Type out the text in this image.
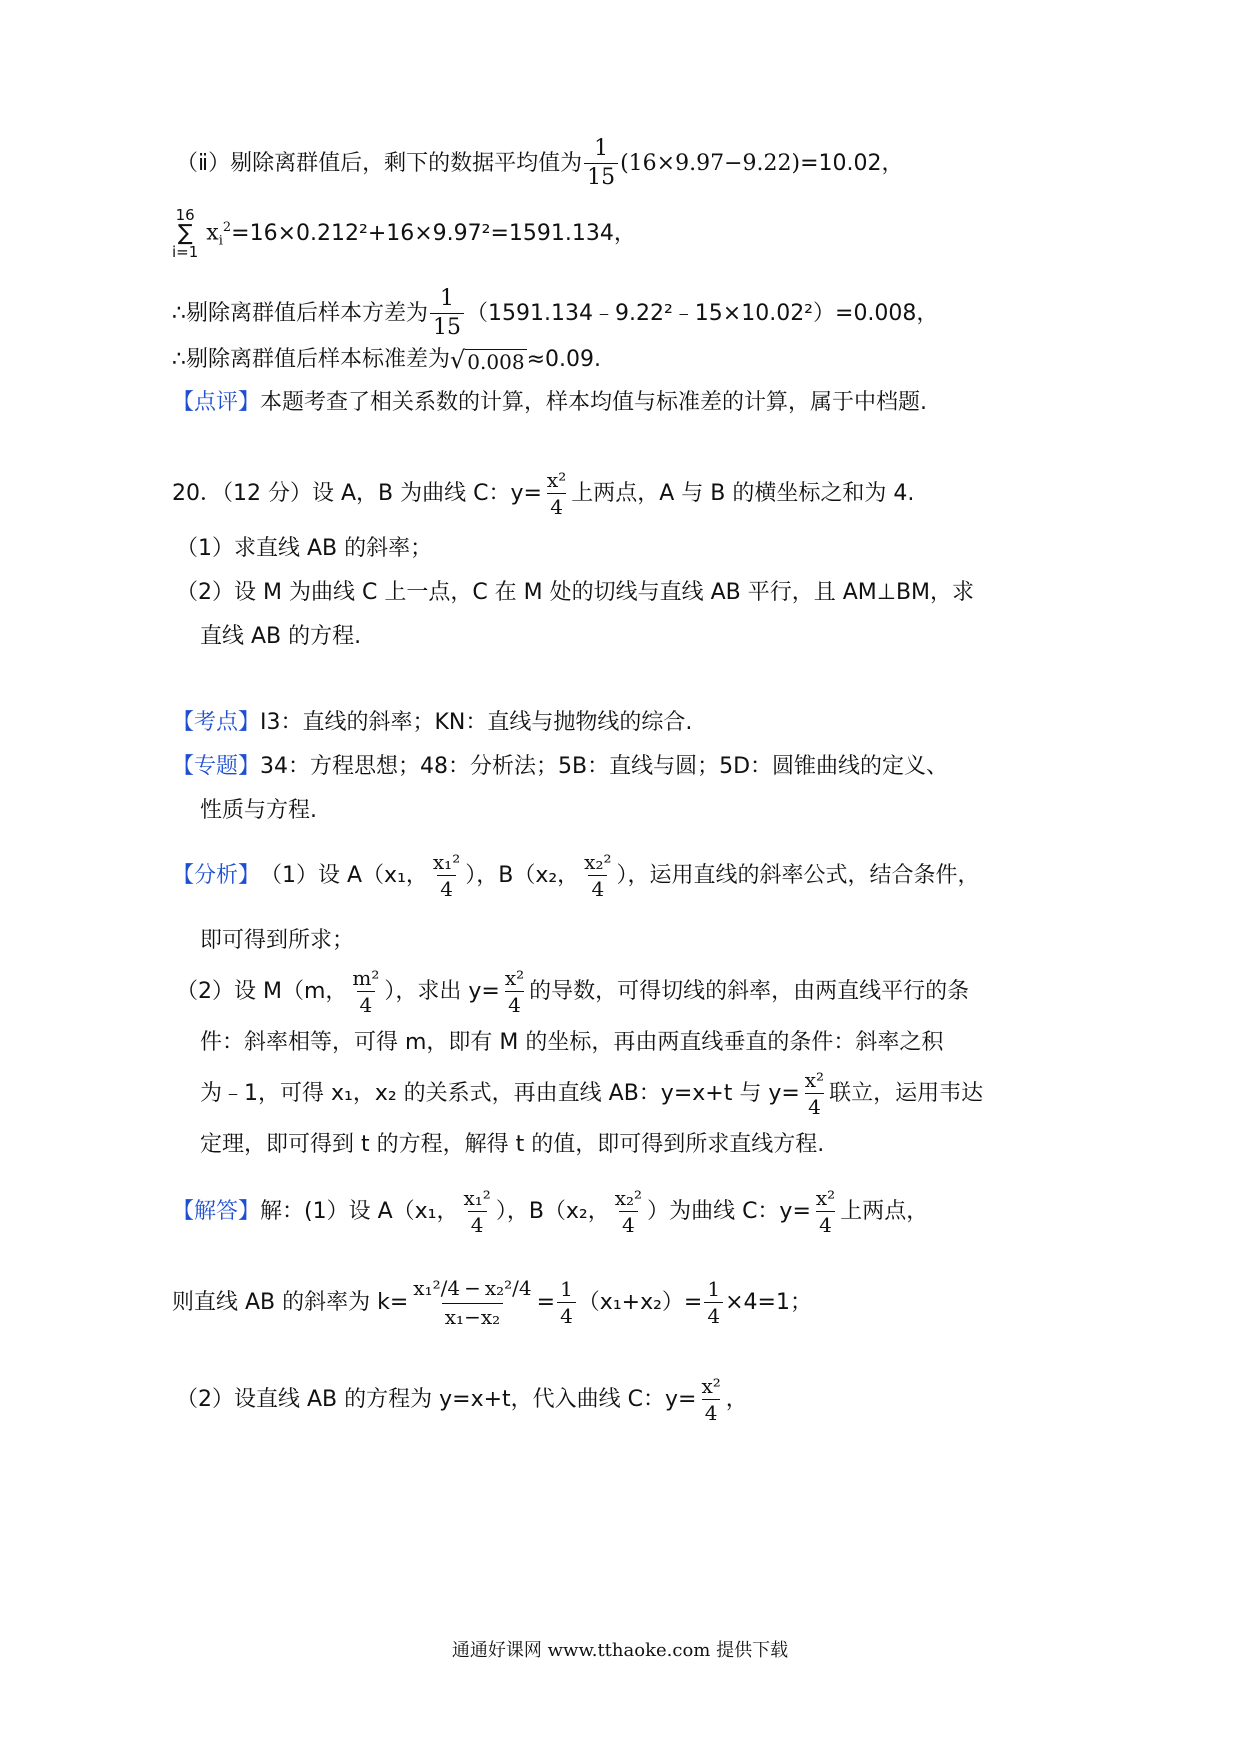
（ⅱ）剔除离群值后，剩下的数据平均值为 $\frac{1}{15} (16\times 9.97-9.22) =10.02$，
16
∑
i=1
$x_i^2 =16\times 0.212^2+16\times 9.97^2=1591.134$，
∴剔除离群值后样本方差为 $\frac{1}{15}$ （1591.134﹣9.22²﹣15×10.02²）=0.008，
∴剔除离群值后样本标准差为 √ 0.008 ≈0.09.
【点评】 本题考查了相关系数的计算，样本均值与标准差的计算，属于中档题.
20．（12 分）设 A，B 为曲线 C：$y= \frac{\text{x²}}{4}$ 上两点，A 与 B 的横坐标之和为 4.
（1）求直线 AB 的斜率；
（2）设 M 为曲线 C 上一点，C 在 M 处的切线与直线 AB 平行，且 AM⊥BM，求
直线 AB 的方程.
【考点】 I3：直线的斜率；KN：直线与抛物线的综合.
【专题】 34：方程思想；48：分析法；5B：直线与圆；5D：圆锥曲线的定义、
性质与方程.
【分析】 （1）设 A（x₁， $\frac{\text{x₁²}}{4}$ ），B（x₂， $\frac{\text{x₂²}}{4}$ ），运用直线的斜率公式，结合条件，
即可得到所求；
（2）设 M（m， $\frac{\text{m²}}{4}$ ），求出 $y= \frac{\text{x²}}{4}$ 的导数，可得切线的斜率，由两直线平行的条
件：斜率相等，可得 m，即有 M 的坐标，再由两直线垂直的条件：斜率之积
为﹣1，可得 x₁，x₂ 的关系式，再由直线 AB：y=x+t 与 $y= \frac{\text{x²}}{4}$ 联立，运用韦达
定理，即可得到 t 的方程，解得 t 的值，即可得到所求直线方程.
【解答】 解：(1）设 A（x₁， $\frac{\text{x₁²}}{4}$ ），B（x₂， $\frac{\text{x₂²}}{4}$ ）为曲线 C：$y= \frac{\text{x²}}{4}$ 上两点，
则直线 AB 的斜率为 $k= \frac{\text{x₁²/4 − x₂²/4}}{\text{x₁−x₂}} = \frac{1}{4} (x_1+x_2)= \frac{1}{4} \times 4=1$；
（2）设直线 AB 的方程为 y=x+t，代入曲线 C：$y= \frac{\text{x²}}{4}$ ，
通通好课网 www.tthaoke.com 提供下载
